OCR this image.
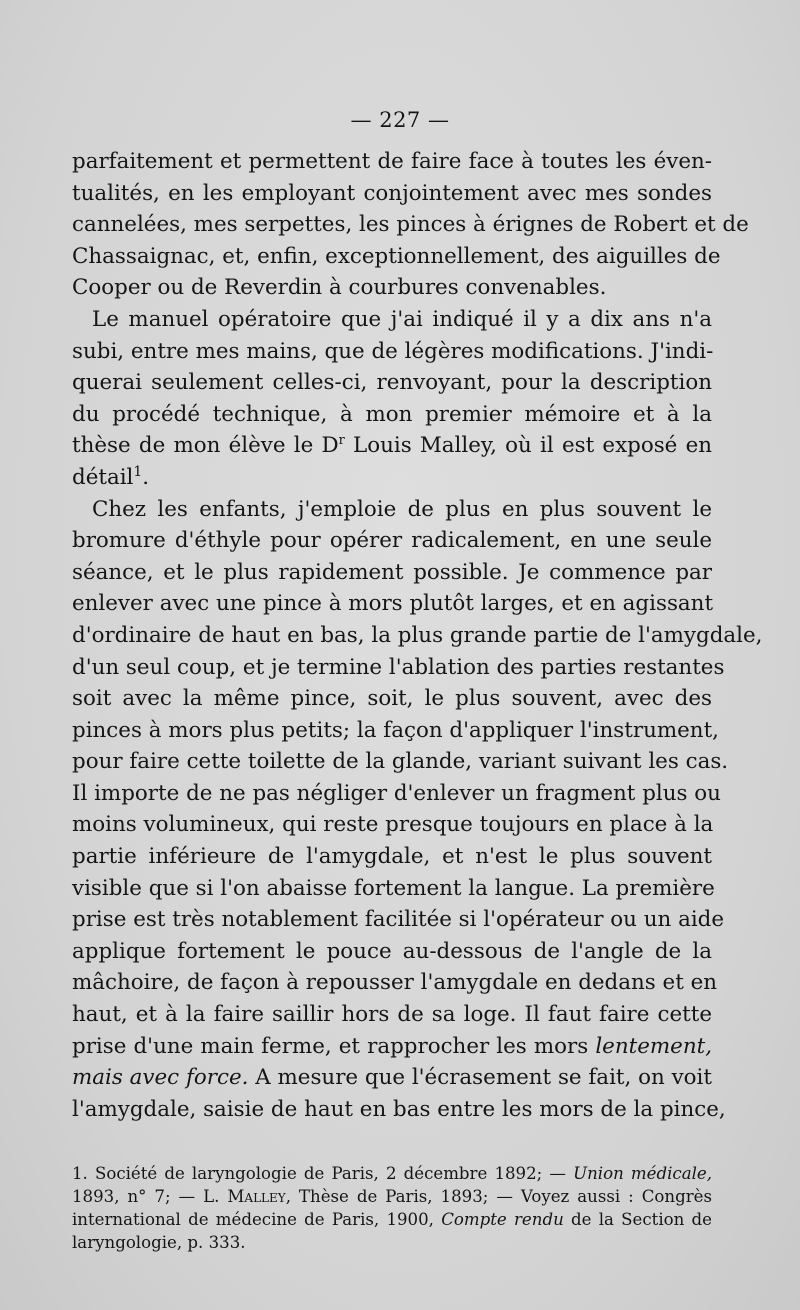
— 227 —
parfaitement et permettent de faire face à toutes les éven-
tualités, en les employant conjointement avec mes sondes
cannelées, mes serpettes, les pinces à érignes de Robert et de
Chassaignac, et, enfin, exceptionnellement, des aiguilles de
Cooper ou de Reverdin à courbures convenables.
Le manuel opératoire que j'ai indiqué il y a dix ans n'a
subi, entre mes mains, que de légères modifications. J'indi-
querai seulement celles-ci, renvoyant, pour la description
du procédé technique, à mon premier mémoire et à la
thèse de mon élève le $D^r$ Louis Malley, où il est exposé en
détail$^1$.
Chez les enfants, j'emploie de plus en plus souvent le
bromure d'éthyle pour opérer radicalement, en une seule
séance, et le plus rapidement possible. Je commence par
enlever avec une pince à mors plutôt larges, et en agissant
d'ordinaire de haut en bas, la plus grande partie de l'amygdale,
d'un seul coup, et je termine l'ablation des parties restantes
soit avec la même pince, soit, le plus souvent, avec des
pinces à mors plus petits; la façon d'appliquer l'instrument,
pour faire cette toilette de la glande, variant suivant les cas.
Il importe de ne pas négliger d'enlever un fragment plus ou
moins volumineux, qui reste presque toujours en place à la
partie inférieure de l'amygdale, et n'est le plus souvent
visible que si l'on abaisse fortement la langue. La première
prise est très notablement facilitée si l'opérateur ou un aide
applique fortement le pouce au-dessous de l'angle de la
mâchoire, de façon à repousser l'amygdale en dedans et en
haut, et à la faire saillir hors de sa loge. Il faut faire cette
prise d'une main ferme, et rapprocher les mors lentement,
mais avec force. A mesure que l'écrasement se fait, on voit
l'amygdale, saisie de haut en bas entre les mors de la pince,
1. Société de laryngologie de Paris, 2 décembre 1892; — Union médicale,
1893, n° 7; — L. Malley, Thèse de Paris, 1893; — Voyez aussi : Congrès
international de médecine de Paris, 1900, Compte rendu de la Section de
laryngologie, p. 333.
